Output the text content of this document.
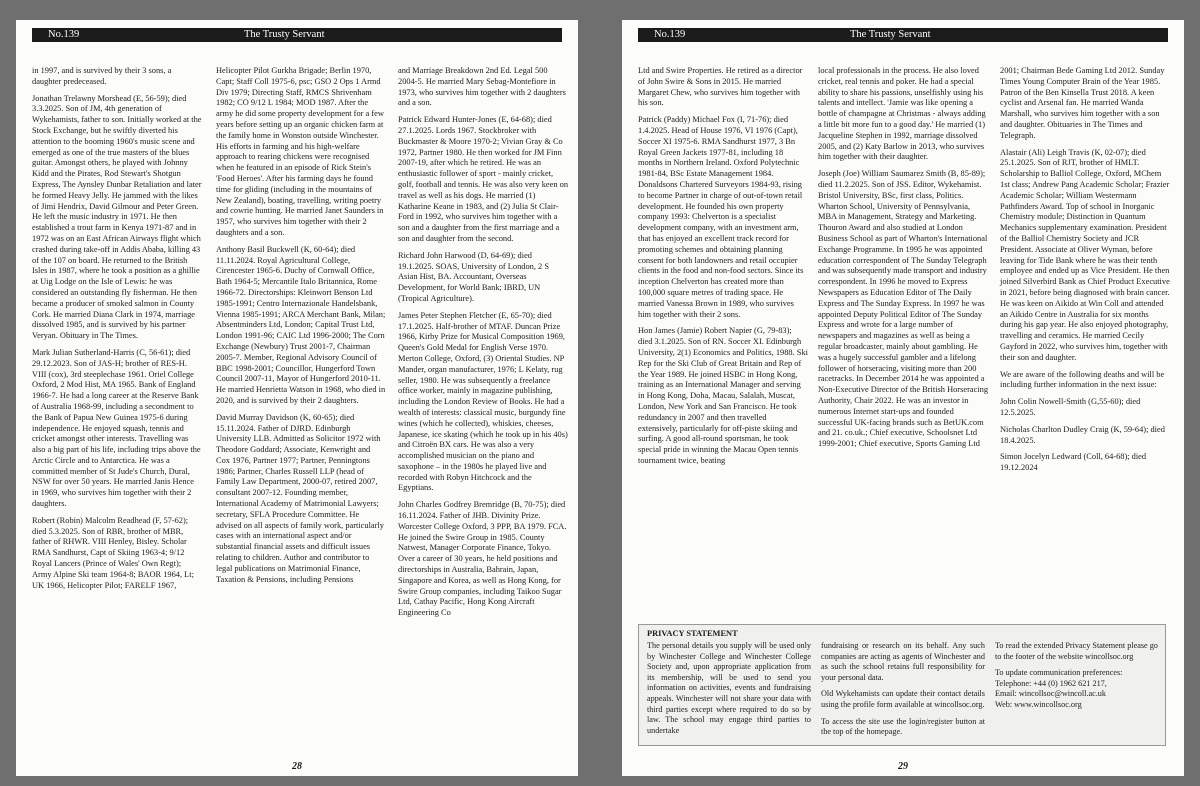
No.139	The Trusty Servant

in 1997, and is survived by their 3 sons, a daughter predeceased.

Jonathan Trelawny Morshead (E, 56-59); died 3.3.2025. Son of JM, 4th generation of Wykehamists, father to son. Initially worked at the Stock Exchange, but he swiftly diverted his attention to the booming 1960's music scene and emerged as one of the true masters of the blues guitar. Amongst others, he played with Johnny Kidd and the Pirates, Rod Stewart's Shotgun Express, The Aynsley Dunbar Retaliation and later he formed Heavy Jelly. He jammed with the likes of Jimi Hendrix, David Gilmour and Peter Green. He left the music industry in 1971. He then established a trout farm in Kenya 1971-87 and in 1972 was on an East African Airways flight which crashed during take-off in Addis Ababa, killing 43 of the 107 on board. He returned to the British Isles in 1987, where he took a position as a ghillie at Uig Lodge on the Isle of Lewis: he was considered an outstanding fly fisherman. He then became a producer of smoked salmon in County Cork. He married Diana Clark in 1974, marriage dissolved 1985, and is survived by his partner Veryan. Obituary in The Times.

Mark Julian Sutherland-Harris (C, 56-61); died 29.12.2023. Son of JAS-H; brother of RES-H. VIII (cox), 3rd steeplechase 1961. Oriel College Oxford, 2 Mod Hist, MA 1965. Bank of England 1966-7. He had a long career at the Reserve Bank of Australia 1968-99, including a secondment to the Bank of Papua New Guinea 1975-6 during independence. He enjoyed squash, tennis and cricket amongst other interests. Travelling was also a big part of his life, including trips above the Arctic Circle and to Antarctica. He was a committed member of St Jude's Church, Dural, NSW for over 50 years. He married Janis Hence in 1969, who survives him together with their 2 daughters.

Robert (Robin) Malcolm Readhead (F, 57-62); died 5.3.2025. Son of RBR, brother of MBR, father of RHWR. VIII Henley, Bisley. Scholar RMA Sandhurst, Capt of Skiing 1963-4; 9/12 Royal Lancers (Prince of Wales' Own Regt); Army Alpine Ski team 1964-8; BAOR 1964, Lt; UK 1966, Helicopter Pilot; FARELF 1967,

Helicopter Pilot Gurkha Brigade; Berlin 1970, Capt; Staff Coll 1975-6, psc; GSO 2 Ops 1 Armd Div 1979; Directing Staff, RMCS Shrivenham 1982; CO 9/12 L 1984; MOD 1987. After the army he did some property development for a few years before setting up an organic chicken farm at the family home in Wonston outside Winchester. His efforts in farming and his high-welfare approach to rearing chickens were recognised when he featured in an episode of Rick Stein's 'Food Heroes'. After his farming days he found time for gliding (including in the mountains of New Zealand), boating, travelling, writing poetry and cowrie hunting. He married Janet Saunders in 1957, who survives him together with their 2 daughters and a son.

Anthony Basil Buckwell (K, 60-64); died 11.11.2024. Royal Agricultural College, Cirencester 1965-6. Duchy of Cornwall Office, Bath 1964-5; Mercantile Italo Britannica, Rome 1966-72. Directorships: Kleinwort Benson Ltd 1985-1991; Centro Internazionale Handelsbank, Vienna 1985-1991; ARCA Merchant Bank, Milan; Absentminders Ltd, London; Capital Trust Ltd, London 1991-96; CAIC Ltd 1996-2000; The Corn Exchange (Newbury) Trust 2001-7, Chairman 2005-7. Member, Regional Advisory Council of BBC 1998-2001; Councillor, Hungerford Town Council 2007-11, Mayor of Hungerford 2010-11. He married Henrietta Watson in 1968, who died in 2020, and is survived by their 2 daughters.

David Murray Davidson (K, 60-65); died 15.11.2024. Father of DJRD. Edinburgh University LLB. Admitted as Solicitor 1972 with Theodore Goddard; Associate, Kenwright and Cox 1976, Partner 1977; Partner, Penningtons 1986; Partner, Charles Russell LLP (head of Family Law Department, 2000-07, retired 2007, consultant 2007-12. Founding member, International Academy of Matrimonial Lawyers; secretary, SFLA Procedure Committee. He advised on all aspects of family work, particularly cases with an international aspect and/or substantial financial assets and difficult issues relating to children. Author and contributor to legal publications on Matrimonial Finance, Taxation & Pensions, including Pensions

and Marriage Breakdown 2nd Ed. Legal 500 2004-5. He married Mary Sebag-Montefiore in 1973, who survives him together with 2 daughters and a son.

Patrick Edward Hunter-Jones (E, 64-68); died 27.1.2025. Lords 1967. Stockbroker with Buckmaster & Moore 1970-2; Vivian Gray & Co 1972, Partner 1980. He then worked for JM Finn 2007-19, after which he retired. He was an enthusiastic follower of sport - mainly cricket, golf, football and tennis. He was also very keen on travel as well as his dogs. He married (1) Katharine Keane in 1983, and (2) Julia St Clair-Ford in 1992, who survives him together with a son and a daughter from the first marriage and a son and daughter from the second.

Richard John Harwood (D, 64-69); died 19.1.2025. SOAS, University of London, 2 S Asian Hist, BA. Accountant, Overseas Development, for World Bank; IBRD, UN (Tropical Agriculture).

James Peter Stephen Fletcher (E, 65-70); died 17.1.2025. Half-brother of MTAF. Duncan Prize 1966, Kirby Prize for Musical Composition 1969, Queen's Gold Medal for English Verse 1970. Merton College, Oxford, (3) Oriental Studies. NP Mander, organ manufacturer, 1976; L Kelaty, rug seller, 1980. He was subsequently a freelance office worker, mainly in magazine publishing, including the London Review of Books. He had a wealth of interests: classical music, burgundy fine wines (which he collected), whiskies, cheeses, Japanese, ice skating (which he took up in his 40s) and Citroën BX cars. He was also a very accomplished musician on the piano and saxophone – in the 1980s he played live and recorded with Robyn Hitchcock and the Egyptians.

John Charles Godfrey Bremridge (B, 70-75); died 16.11.2024. Father of JHB. Divinity Prize. Worcester College Oxford, 3 PPP, BA 1979. FCA. He joined the Swire Group in 1985. County Natwest, Manager Corporate Finance, Tokyo. Over a career of 30 years, he held positions and directorships in Australia, Bahrain, Japan, Singapore and Korea, as well as Hong Kong, for Swire Group companies, including Taikoo Sugar Ltd, Cathay Pacific, Hong Kong Aircraft Engineering Co

28
No.139	The Trusty Servant

Ltd and Swire Properties. He retired as a director of John Swire & Sons in 2015. He married Margaret Chew, who survives him together with his son.

Patrick (Paddy) Michael Fox (I, 71-76); died 1.4.2025. Head of House 1976, VI 1976 (Capt), Soccer XI 1975-6. RMA Sandhurst 1977, 3 Bn Royal Green Jackets 1977-81, including 18 months in Northern Ireland. Oxford Polytechnic 1981-84, BSc Estate Management 1984. Donaldsons Chartered Surveyors 1984-93, rising to become Partner in charge of out-of-town retail development. He founded his own property company 1993: Chelverton is a specialist development company, with an investment arm, that has enjoyed an excellent track record for promoting schemes and obtaining planning consent for both landowners and retail occupier clients in the food and non-food sectors. Since its inception Chelverton has created more than 100,000 square metres of trading space. He married Vanessa Brown in 1989, who survives him together with their 2 sons.

Hon James (Jamie) Robert Napier (G, 79-83); died 3.1.2025. Son of RN. Soccer XI. Edinburgh University, 2(1) Economics and Politics, 1988. Ski Rep for the Ski Club of Great Britain and Rep of the Year 1989. He joined HSBC in Hong Kong, training as an International Manager and serving in Hong Kong, Doha, Macau, Salalah, Muscat, London, New York and San Francisco. He took redundancy in 2007 and then travelled extensively, particularly for off-piste skiing and surfing. A good all-round sportsman, he took special pride in winning the Macau Open tennis tournament twice, beating

local professionals in the process. He also loved cricket, real tennis and poker. He had a special ability to share his passions, unselfishly using his talents and intellect. 'Jamie was like opening a bottle of champagne at Christmas - always adding a little bit more fun to a good day.' He married (1) Jacqueline Stephen in 1992, marriage dissolved 2005, and (2) Katy Barlow in 2013, who survives him together with their daughter.

Joseph (Joe) William Saumarez Smith (B, 85-89); died 11.2.2025. Son of JSS. Editor, Wykehamist. Bristol University, BSc, first class, Politics. Wharton School, University of Pennsylvania, MBA in Management, Strategy and Marketing. Thouron Award and also studied at London Business School as part of Wharton's International Exchange Programme. In 1995 he was appointed education correspondent of The Sunday Telegraph and was subsequently made transport and industry correspondent. In 1996 he moved to Express Newspapers as Education Editor of The Daily Express and The Sunday Express. In 1997 he was appointed Deputy Political Editor of The Sunday Express and wrote for a large number of newspapers and magazines as well as being a regular broadcaster, mainly about gambling. He was a hugely successful gambler and a lifelong follower of horseracing, visiting more than 200 racetracks. In December 2014 he was appointed a Non-Executive Director of the British Horseracing Authority, Chair 2022. He was an investor in numerous Internet start-ups and founded successful UK-facing brands such as BetUK.com and 21. co.uk.; Chief executive, Schoolsnet Ltd 1999-2001; Chief executive, Sports Gaming Ltd

2001; Chairman Bede Gaming Ltd 2012. Sunday Times Young Computer Brain of the Year 1985. Patron of the Ben Kinsella Trust 2018. A keen cyclist and Arsenal fan. He married Wanda Marshall, who survives him together with a son and daughter. Obituaries in The Times and Telegraph.

Alastair (Ali) Leigh Travis (K, 02-07); died 25.1.2025. Son of RJT, brother of HMLT. Scholarship to Balliol College, Oxford, MChem 1st class; Andrew Pang Academic Scholar; Frazier Academic Scholar; William Westermann Pathfinders Award. Top of school in Inorganic Chemistry module; Distinction in Quantum Mechanics supplementary examination. President of the Balliol Chemistry Society and JCR President. Associate at Oliver Wyman, before leaving for Tide Bank where he was their tenth employee and ended up as Vice President. He then joined Silverbird Bank as Chief Product Executive in 2021, before being diagnosed with brain cancer. He was keen on Aikido at Win Coll and attended an Aikido Centre in Australia for six months during his gap year. He also enjoyed photography, travelling and ceramics. He married Cecily Gayford in 2022, who survives him, together with their son and daughter.

We are aware of the following deaths and will be including further information in the next issue:

John Colin Nowell-Smith (G,55-60); died 12.5.2025.

Nicholas Charlton Dudley Craig (K, 59-64); died 18.4.2025.

Simon Jocelyn Ledward (Coll, 64-68); died 19.12.2024

PRIVACY STATEMENT

The personal details you supply will be used only by Winchester College and Winchester College Society and, upon appropriate application from its membership, will be used to send you information on activities, events and fundraising appeals. Winchester will not share your data with third parties except where required to do so by law. The school may engage third parties to undertake

fundraising or research on its behalf. Any such companies are acting as agents of Winchester and as such the school retains full responsibility for your personal data.

Old Wykehamists can update their contact details using the profile form available at wincollsoc.org.

To access the site use the login/register button at the top of the homepage.

To read the extended Privacy Statement please go to the footer of the website wincollsoc.org

To update communication preferences:
Telephone: +44 (0) 1962 621 217,
Email: wincollsoc@wincoll.ac.uk
Web: www.wincollsoc.org
29
